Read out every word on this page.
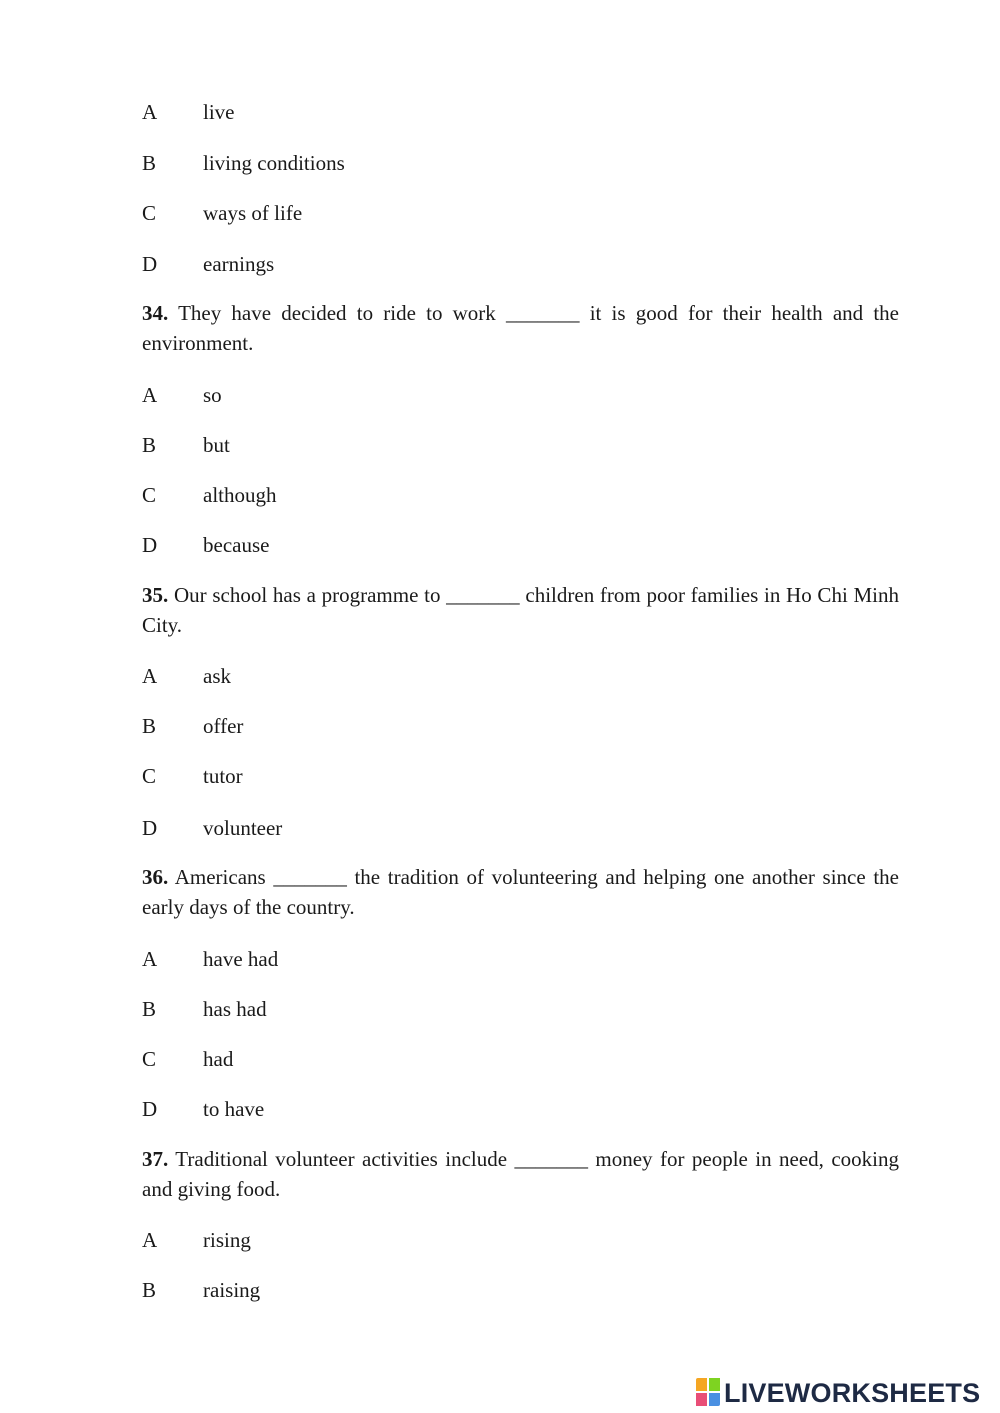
A live
B living conditions
C ways of life
D earnings
34. They have decided to ride to work _______ it is good for their health and the environment.
A so
B but
C although
D because
35. Our school has a programme to _______ children from poor families in Ho Chi Minh City.
A ask
B offer
C tutor
D volunteer
36. Americans _______ the tradition of volunteering and helping one another since the early days of the country.
A have had
B has had
C had
D to have
37. Traditional volunteer activities include _______ money for people in need, cooking and giving food.
A rising
B raising
LIVEWORKSHEETS
